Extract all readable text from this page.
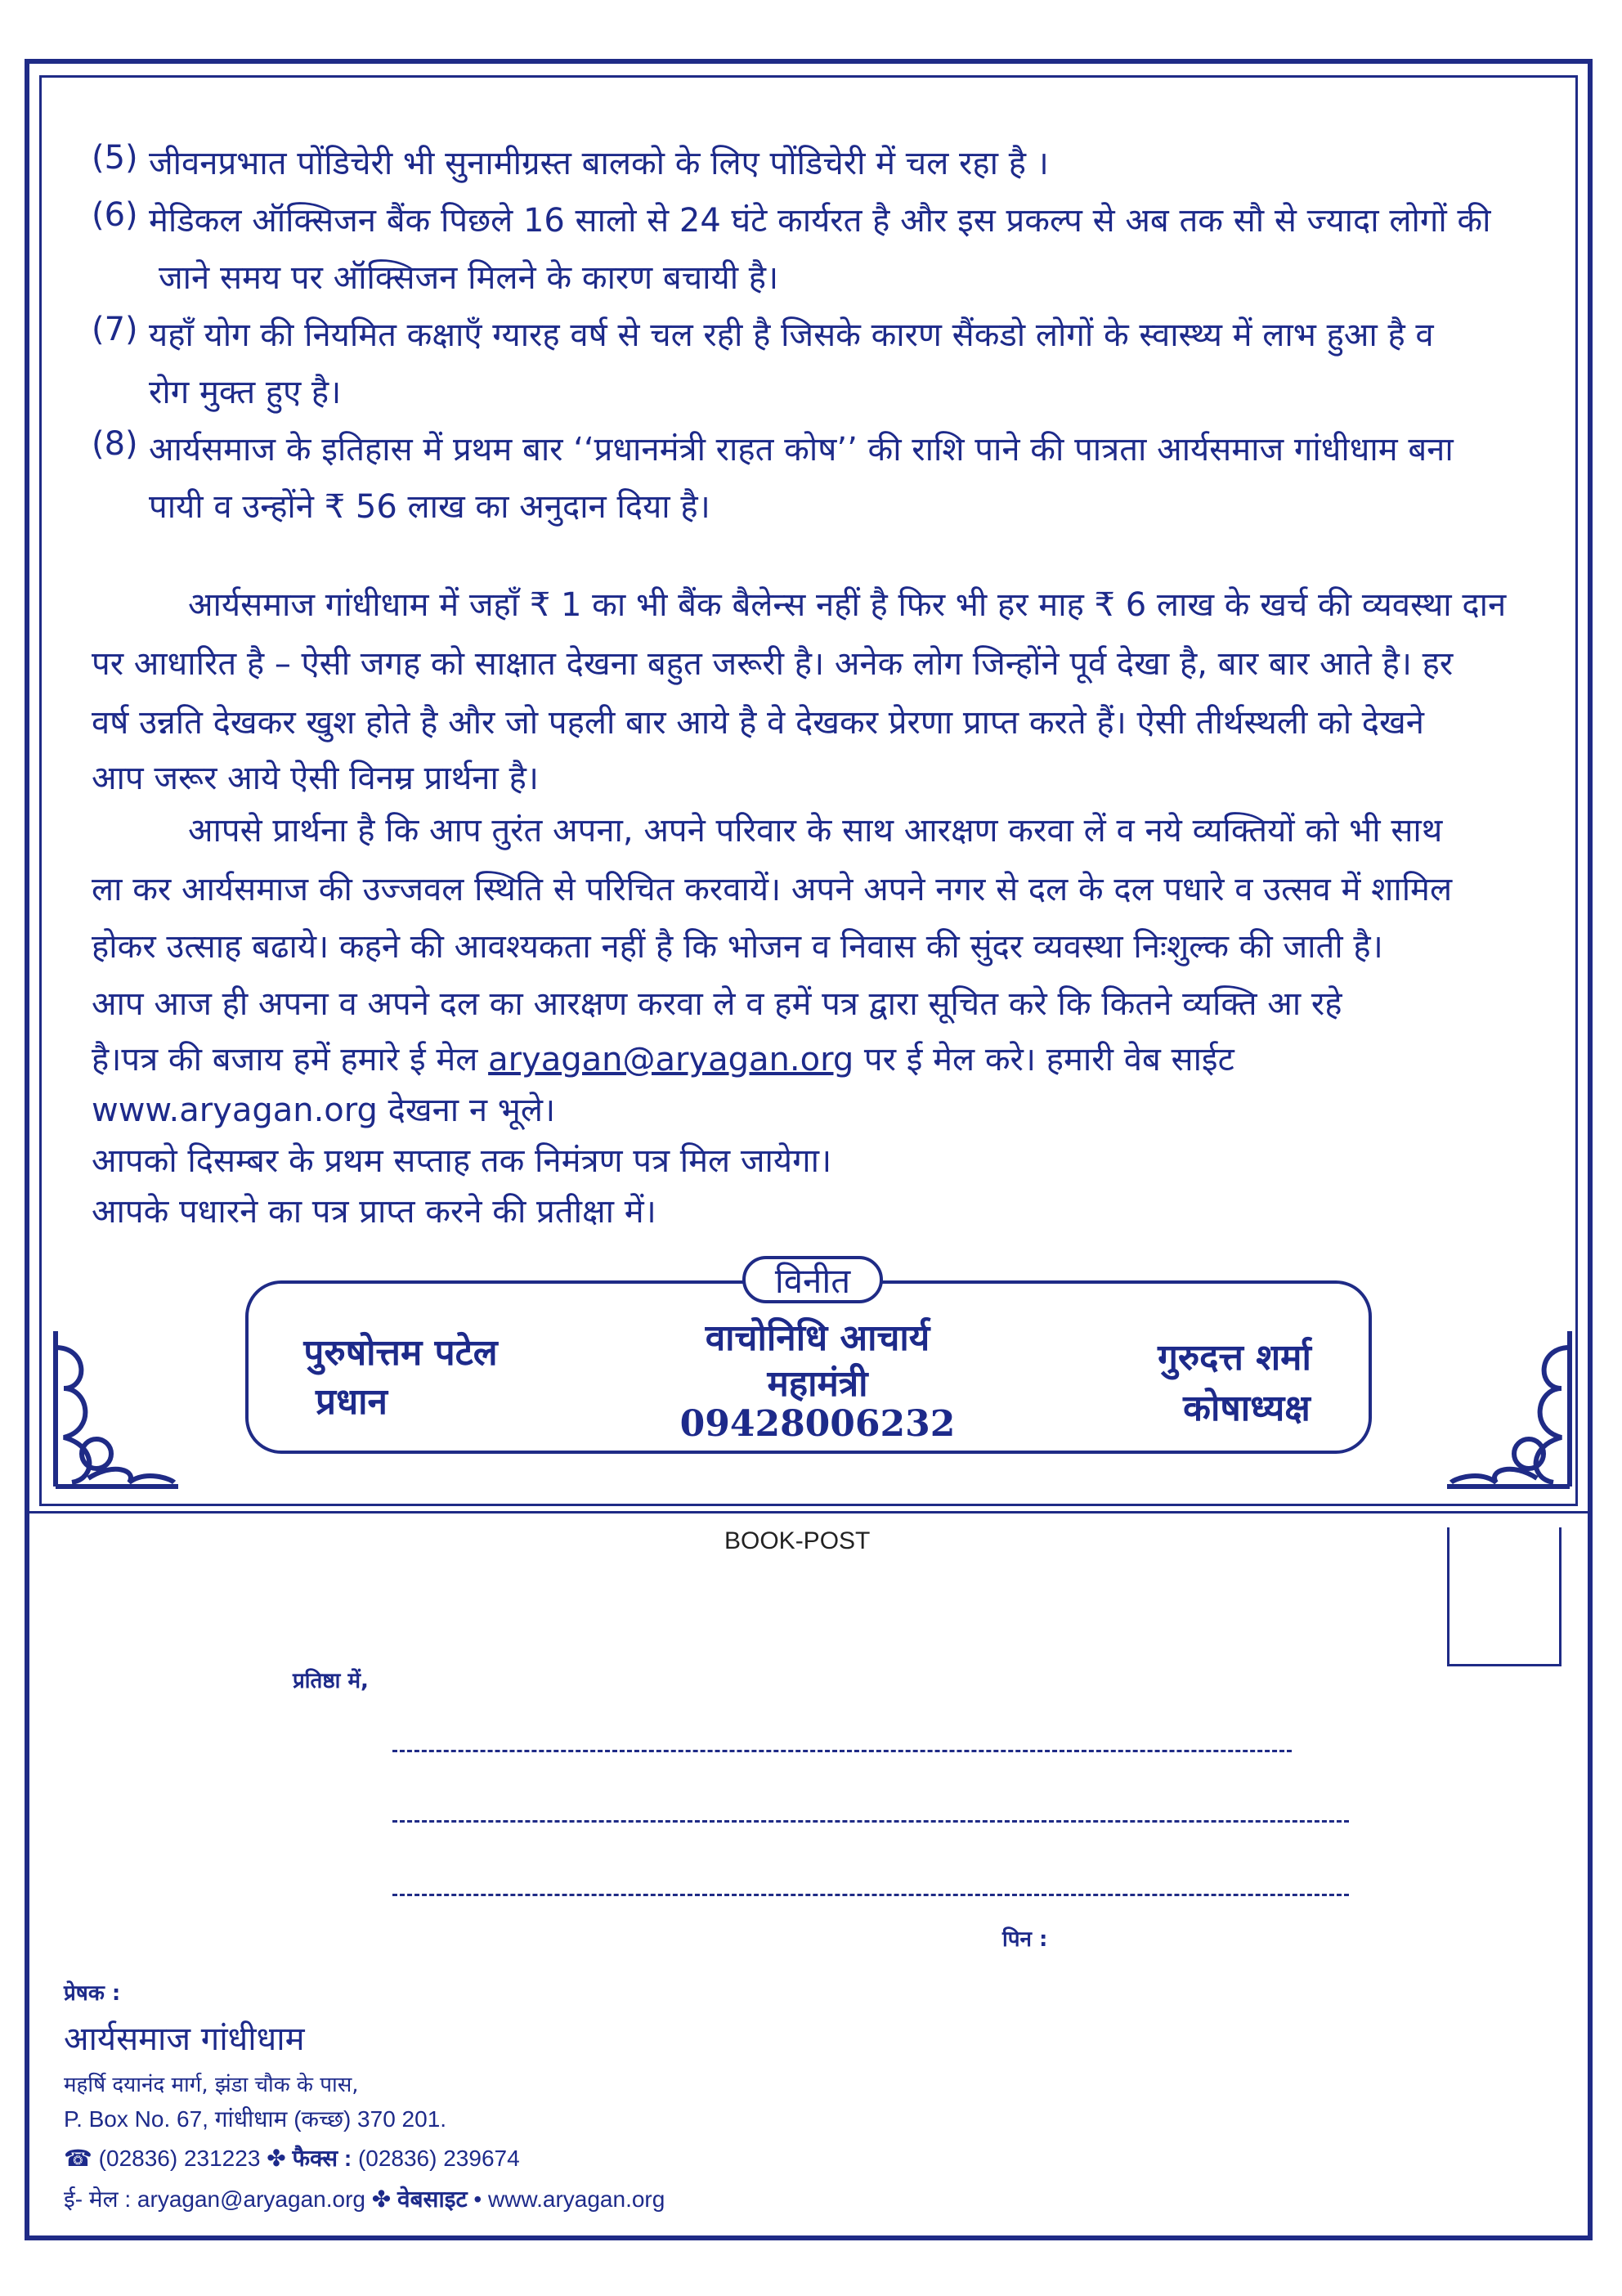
(5) जीवनप्रभात पोंडिचेरी भी सुनामीग्रस्त बालको के लिए पोंडिचेरी में चल रहा है ।
(6) मेडिकल ऑक्सिजन बैंक पिछले 16 सालो से 24 घंटे कार्यरत है और इस प्रकल्प से अब तक सौ से ज्यादा लोगों की
जाने समय पर ऑक्सिजन मिलने के कारण बचायी है।
(7) यहाँ योग की नियमित कक्षाएँ ग्यारह वर्ष से चल रही है जिसके कारण सैंकडो लोगों के स्वास्थ्य में लाभ हुआ है व
रोग मुक्त हुए है।
(8) आर्यसमाज के इतिहास में प्रथम बार ‘‘प्रधानमंत्री राहत कोष’’ की राशि पाने की पात्रता आर्यसमाज गांधीधाम बना
पायी व उन्होंने ₹ 56 लाख का अनुदान दिया है।
आर्यसमाज गांधीधाम में जहाँ ₹ 1 का भी बैंक बैलेन्स नहीं है फिर भी हर माह ₹ 6 लाख के खर्च की व्यवस्था दान
पर आधारित है – ऐसी जगह को साक्षात देखना बहुत जरूरी है। अनेक लोग जिन्होंने पूर्व देखा है, बार बार आते है। हर
वर्ष उन्नति देखकर खुश होते है और जो पहली बार आये है वे देखकर प्रेरणा प्राप्त करते हैं। ऐसी तीर्थस्थली को देखने
आप जरूर आये ऐसी विनम्र प्रार्थना है।
आपसे प्रार्थना है कि आप तुरंत अपना, अपने परिवार के साथ आरक्षण करवा लें व नये व्यक्तियों को भी साथ
ला कर आर्यसमाज की उज्जवल स्थिति से परिचित करवायें। अपने अपने नगर से दल के दल पधारे व उत्सव में शामिल
होकर उत्साह बढाये। कहने की आवश्यकता नहीं है कि भोजन व निवास की सुंदर व्यवस्था निःशुल्क की जाती है।
आप आज ही अपना व अपने दल का आरक्षण करवा ले व हमें पत्र द्वारा सूचित करे कि कितने व्यक्ति आ रहे
है।पत्र की बजाय हमें हमारे ई मेल aryagan@aryagan.org पर ई मेल करे। हमारी वेब साईट
www.aryagan.org देखना न भूले।
आपको दिसम्बर के प्रथम सप्ताह तक निमंत्रण पत्र मिल जायेगा।
आपके पधारने का पत्र प्राप्त करने की प्रतीक्षा में।
विनीत
पुरुषोत्तम पटेल
प्रधान
वाचोनिधि आचार्य
महामंत्री
09428006232
गुरुदत्त शर्मा
कोषाध्यक्ष
BOOK-POST
प्रतिष्ठा में,
पिन :
प्रेषक :
आर्यसमाज गांधीधाम
महर्षि दयानंद मार्ग, झंडा चौक के पास,
P. Box No. 67, गांधीधाम (कच्छ) 370 201.
☎ (02836) 231223 ✤ फैक्स : (02836) 239674
ई- मेल : aryagan@aryagan.org ✤ वेबसाइट • www.aryagan.org
